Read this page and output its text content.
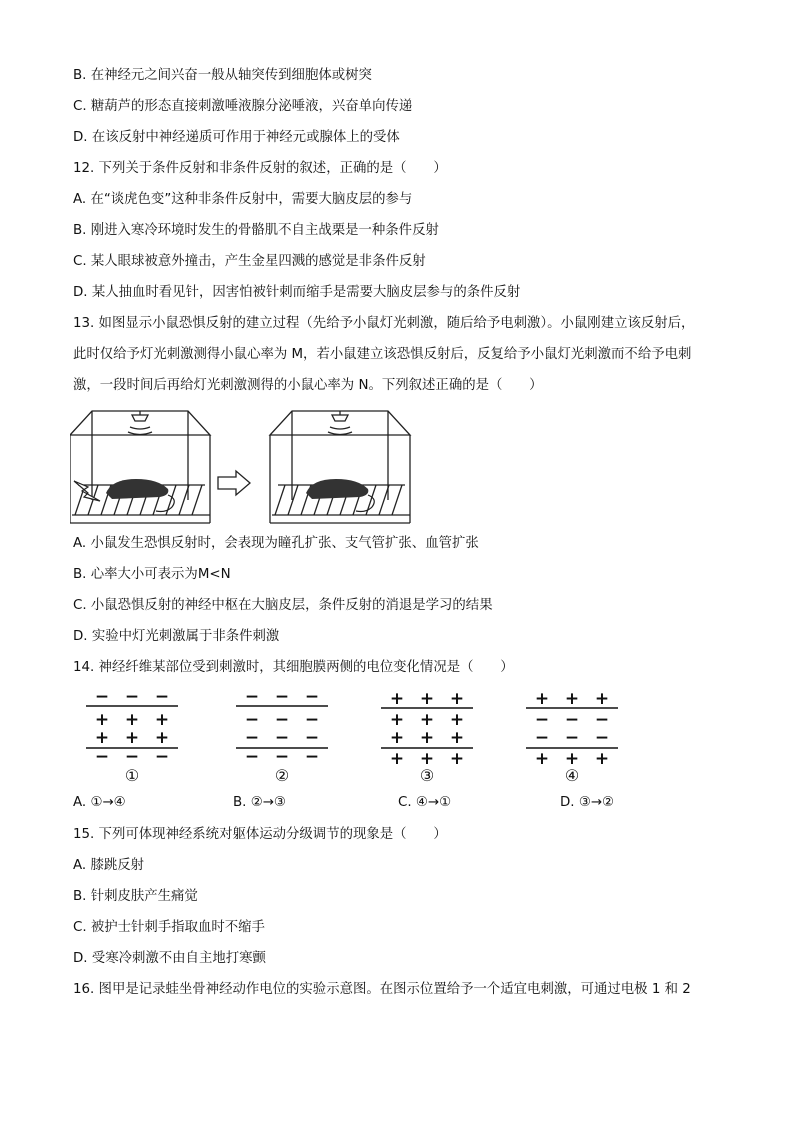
B. 在神经元之间兴奋一般从轴突传到细胞体或树突

C. 糖葫芦的形态直接刺激唾液腺分泌唾液，兴奋单向传递

D. 在该反射中神经递质可作用于神经元或腺体上的受体

12. 下列关于条件反射和非条件反射的叙述，正确的是（　　）

A. 在“谈虎色变”这种非条件反射中，需要大脑皮层的参与

B. 刚进入寒冷环境时发生的骨骼肌不自主战栗是一种条件反射

C. 某人眼球被意外撞击，产生金星四溅的感觉是非条件反射

D. 某人抽血时看见针，因害怕被针刺而缩手是需要大脑皮层参与的条件反射

13. 如图显示小鼠恐惧反射的建立过程（先给予小鼠灯光刺激，随后给予电刺激）。小鼠刚建立该反射后，

此时仅给予灯光刺激测得小鼠心率为 M，若小鼠建立该恐惧反射后，反复给予小鼠灯光刺激而不给予电刺

激，一段时间后再给灯光刺激测得的小鼠心率为 N。下列叙述正确的是（　　）

A. 小鼠发生恐惧反射时，会表现为瞳孔扩张、支气管扩张、血管扩张

B. 心率大小可表示为M<N

C. 小鼠恐惧反射的神经中枢在大脑皮层，条件反射的消退是学习的结果

D. 实验中灯光刺激属于非条件刺激

14. 神经纤维某部位受到刺激时，其细胞膜两侧的电位变化情况是（　　）

− − −
+ + +
+ + +
− − −
− − −
− − −
− − −
− − −
+ + +
+ + +
+ + +
+ + +
+ + +
− − −
− − −
+ + +
①	②	③	④
A. ①→④	B. ②→③	C. ④→①	D. ③→②

15. 下列可体现神经系统对躯体运动分级调节的现象是（　　）

A. 膝跳反射

B. 针刺皮肤产生痛觉

C. 被护士针刺手指取血时不缩手

D. 受寒冷刺激不由自主地打寒颤

16. 图甲是记录蛙坐骨神经动作电位的实验示意图。在图示位置给予一个适宜电刺激，可通过电极 1 和 2
